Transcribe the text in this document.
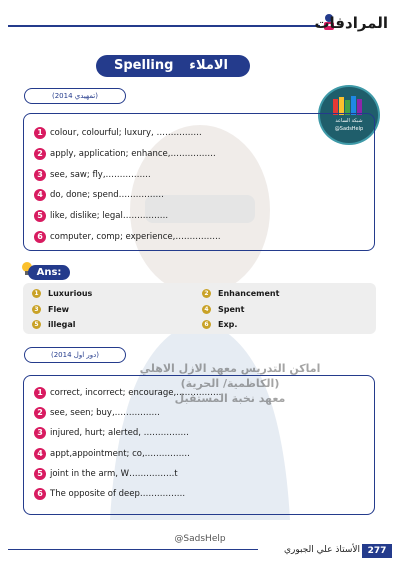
المرادفات
Spelling الاملاء
شبكة الساعد
@SadsHelp
(تمهيدي 2014)
1 colour, colourful; luxury, …………….
2 apply, application; enhance,…………….
3 see, saw; fly,…………….
4 do, done; spend…………….
5 like, dislike; legal…………….
6 computer, comp; experience,…………….
Ans:
1	Luxurious	2	Enhancement
3	Flew	4	Spent
5	illegal	6	Exp.
(دور اول 2014)
اماكن التدريس معهد الازل الاهلي
(الكاظمية/ الحرية)
معهد نخبة المستقبل
1 correct, incorrect; encourage,…………….
2 see, seen; buy,…………….
3 injured, hurt; alerted, …………….
4 appt,appointment; co,…………….
5 joint in the arm, W…………….t
6 The opposite of deep…………….
@SadsHelp
الأستاذ علي الجبوري 277
